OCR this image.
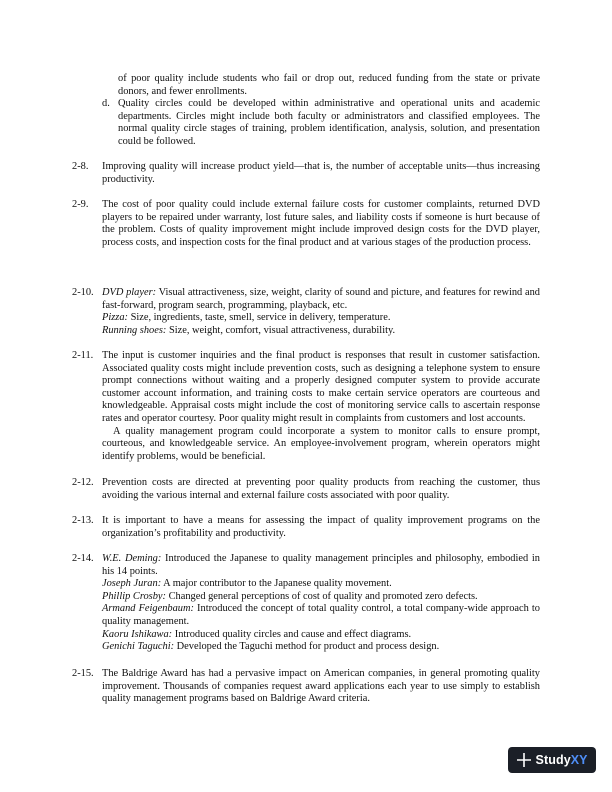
of poor quality include students who fail or drop out, reduced funding from the state or private donors, and fewer enrollments.

d. Quality circles could be developed within administrative and operational units and academic departments. Circles might include both faculty or administrators and classified employees. The normal quality circle stages of training, problem identification, analysis, solution, and presentation could be followed.

2-8. Improving quality will increase product yield—that is, the number of acceptable units—thus increasing productivity.

2-9. The cost of poor quality could include external failure costs for customer complaints, returned DVD players to be repaired under warranty, lost future sales, and liability costs if someone is hurt because of the problem. Costs of quality improvement might include improved design costs for the DVD player, process costs, and inspection costs for the final product and at various stages of the production process.

2-10. DVD player: Visual attractiveness, size, weight, clarity of sound and picture, and features for rewind and fast-forward, program search, programming, playback, etc.
Pizza: Size, ingredients, taste, smell, service in delivery, temperature.
Running shoes: Size, weight, comfort, visual attractiveness, durability.
2-11. The input is customer inquiries and the final product is responses that result in customer satisfaction. Associated quality costs might include prevention costs, such as designing a telephone system to ensure prompt connections without waiting and a properly designed computer system to provide accurate customer account information, and training costs to make certain service operators are courteous and knowledgeable. Appraisal costs might include the cost of monitoring service calls to ascertain response rates and operator courtesy. Poor quality might result in complaints from customers and lost accounts.
A quality management program could incorporate a system to monitor calls to ensure prompt, courteous, and knowledgeable service. An employee-involvement program, wherein operators might identify problems, would be beneficial.
2-12. Prevention costs are directed at preventing poor quality products from reaching the customer, thus avoiding the various internal and external failure costs associated with poor quality.

2-13. It is important to have a means for assessing the impact of quality improvement programs on the organization’s profitability and productivity.

2-14. W.E. Deming: Introduced the Japanese to quality management principles and philosophy, embodied in his 14 points.
Joseph Juran: A major contributor to the Japanese quality movement.
Phillip Crosby: Changed general perceptions of cost of quality and promoted zero defects.
Armand Feigenbaum: Introduced the concept of total quality control, a total company-wide approach to quality management.
Kaoru Ishikawa: Introduced quality circles and cause and effect diagrams.
Genichi Taguchi: Developed the Taguchi method for product and process design.
2-15. The Baldrige Award has had a pervasive impact on American companies, in general promoting quality improvement. Thousands of companies request award applications each year to use simply to establish quality management programs based on Baldrige Award criteria.

StudyXY
